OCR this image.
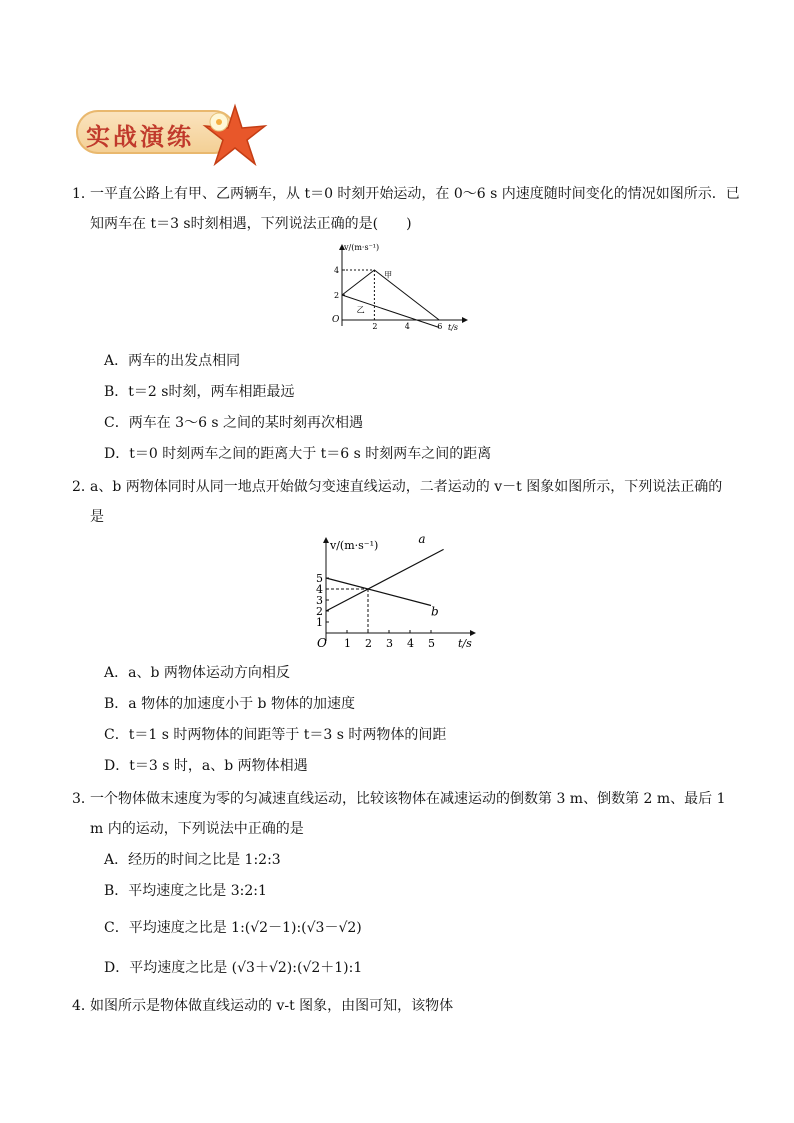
实战演练
1．
一平直公路上有甲、乙两辆车，从 t＝0 时刻开始运动，在 0～6 s 内速度随时间变化的情况如图所示．已
知两车在 t＝3 s时刻相遇，下列说法正确的是(　　)
v/(m·s⁻¹)
t/s
O
2	4	6
2
4	甲
乙
A．两车的出发点相同
B．t＝2 s时刻，两车相距最远
C．两车在 3～6 s 之间的某时刻再次相遇
D．t＝0 时刻两车之间的距离大于 t＝6 s 时刻两车之间的距离
2．
a、b 两物体同时从同一地点开始做匀变速直线运动，二者运动的 v－t 图象如图所示，下列说法正确的
是
v/(m·s⁻¹)
t/s
O 1 2 3 4 5
1
2
3
4
5
a
b
A．a、b 两物体运动方向相反
B．a 物体的加速度小于 b 物体的加速度
C．t＝1 s 时两物体的间距等于 t＝3 s 时两物体的间距
D．t＝3 s 时，a、b 两物体相遇
3．
一个物体做末速度为零的匀减速直线运动，比较该物体在减速运动的倒数第 3 m、倒数第 2 m、最后 1
m 内的运动，下列说法中正确的是
A．经历的时间之比是 1:2:3
B．平均速度之比是 3:2:1
C．平均速度之比是 1:(√2－1):(√3－√2)
D．平均速度之比是 (√3＋√2):(√2＋1):1
4．
如图所示是物体做直线运动的 v-t 图象，由图可知，该物体
